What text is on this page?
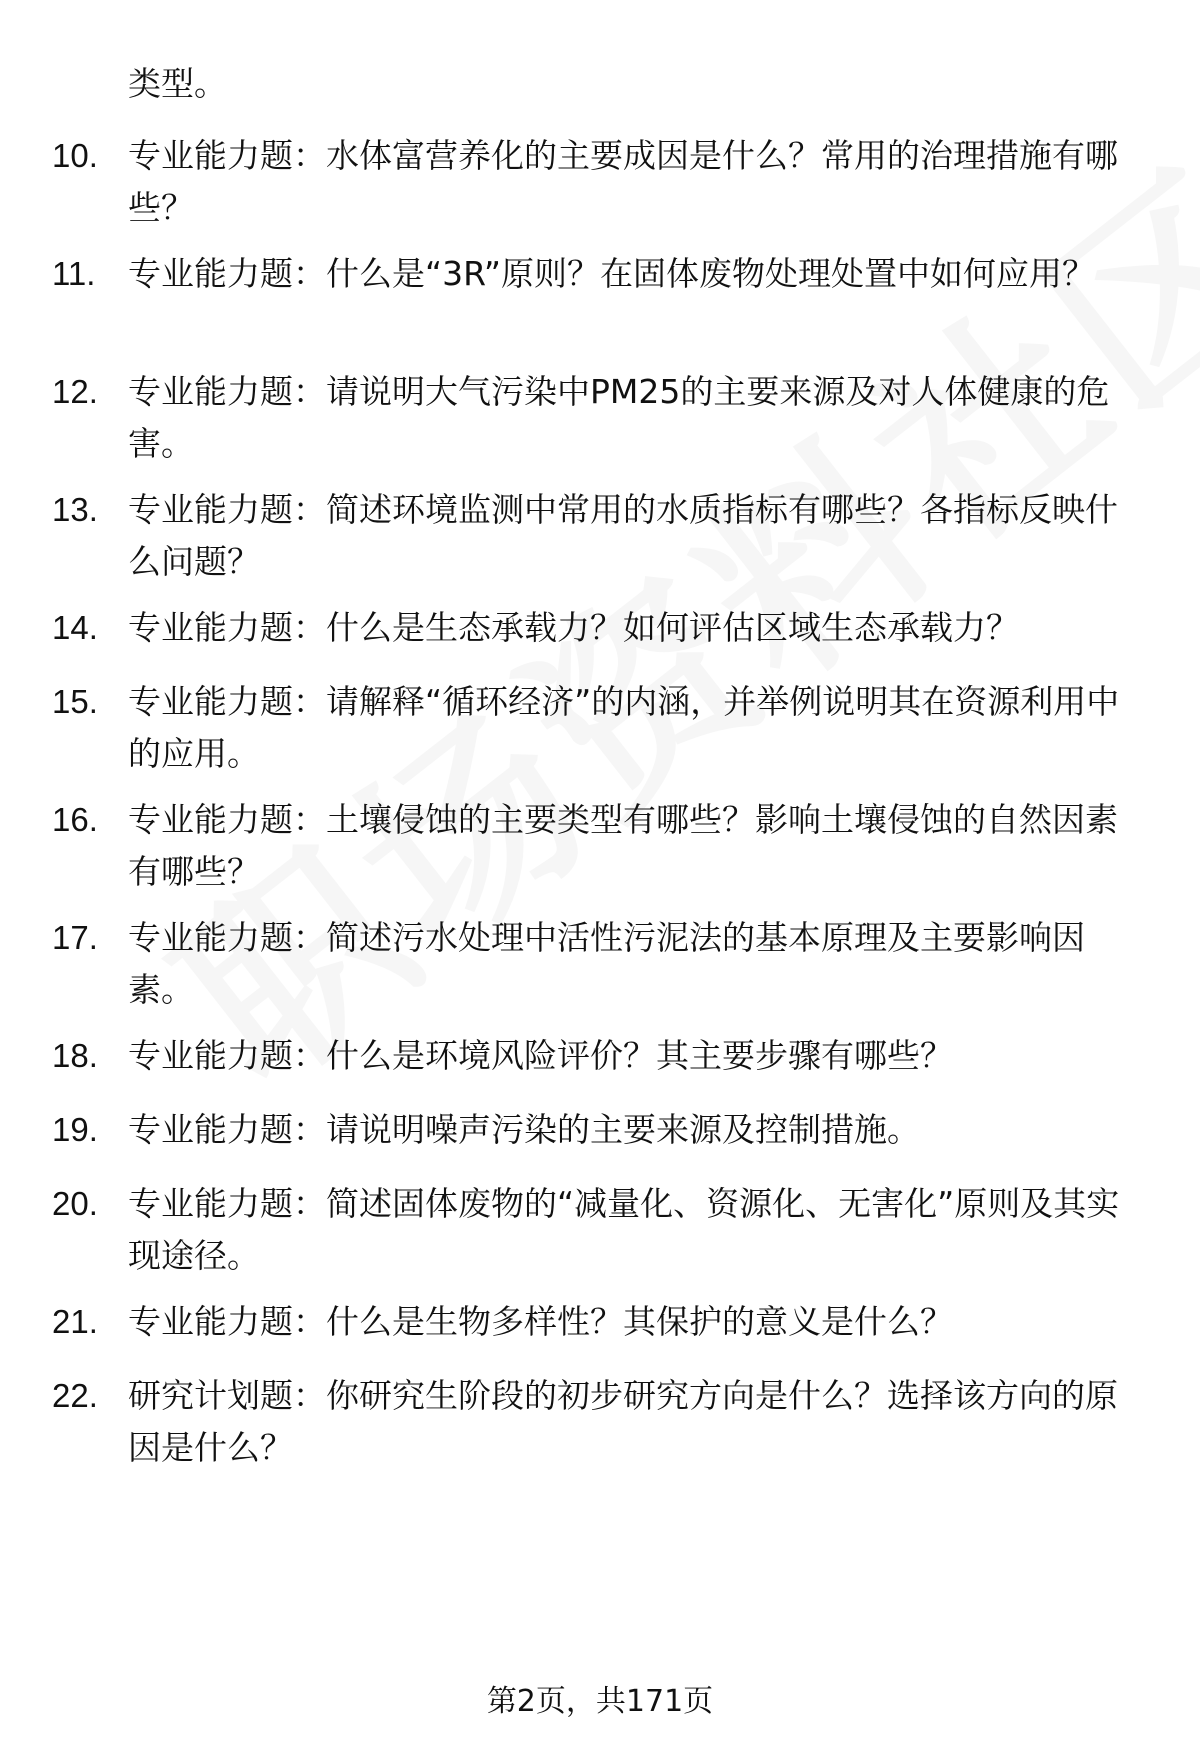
类型。
10. 专业能力题：水体富营养化的主要成因是什么？常用的治理措施有哪些？
11. 专业能力题：什么是“3R”原则？在固体废物处理处置中如何应用？
12. 专业能力题：请说明大气污染中PM25的主要来源及对人体健康的危害。
13. 专业能力题：简述环境监测中常用的水质指标有哪些？各指标反映什么问题？
14. 专业能力题：什么是生态承载力？如何评估区域生态承载力？
15. 专业能力题：请解释“循环经济”的内涵，并举例说明其在资源利用中的应用。
16. 专业能力题：土壤侵蚀的主要类型有哪些？影响土壤侵蚀的自然因素有哪些？
17. 专业能力题：简述污水处理中活性污泥法的基本原理及主要影响因素。
18. 专业能力题：什么是环境风险评价？其主要步骤有哪些？
19. 专业能力题：请说明噪声污染的主要来源及控制措施。
20. 专业能力题：简述固体废物的“减量化、资源化、无害化”原则及其实现途径。
21. 专业能力题：什么是生物多样性？其保护的意义是什么？
22. 研究计划题：你研究生阶段的初步研究方向是什么？选择该方向的原因是什么？
第2页，共171页
